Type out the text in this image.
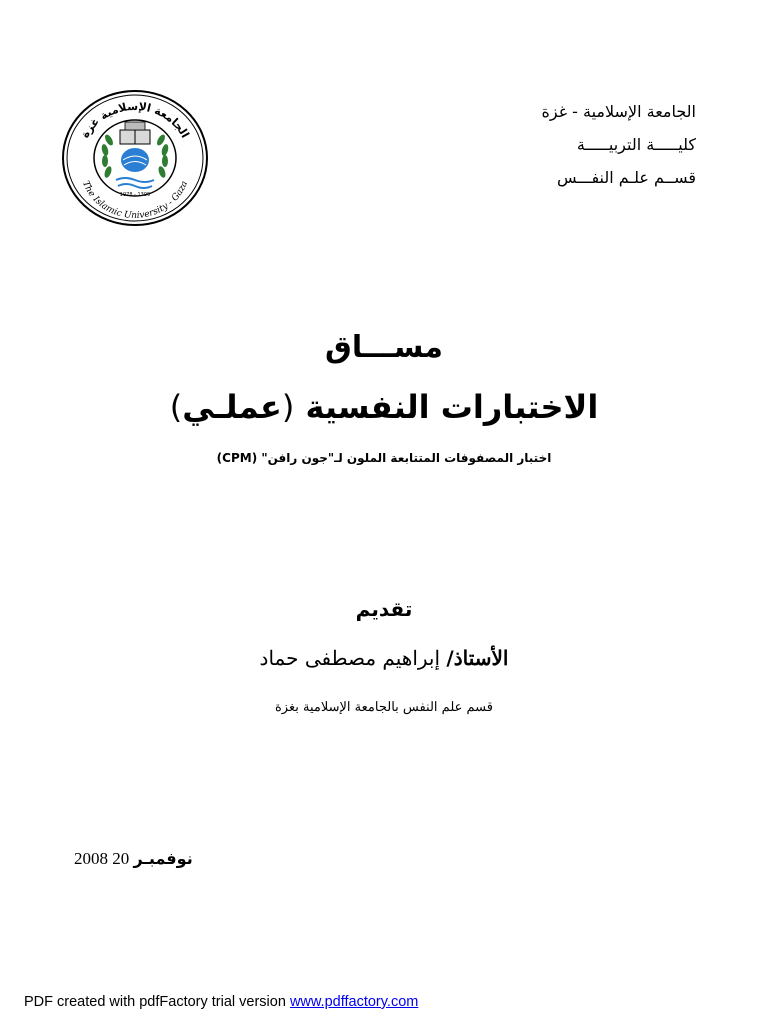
1978 - 1399
الجامعة الإسلامية غزة
The Islamic University - Gaza
الجامعة الإسلامية - غزة
كليـــــة التربيـــــة
قســم علـم النفـــس
مســـاق
الاختبارات النفسية (عملـي)
اختبار المصفوفات المتتابعة الملون لـ"جون رافن" (CPM)
تقديم
الأستاذ/ إبراهيم مصطفى حماد
قسم علم النفس بالجامعة الإسلامية بغزة
2008 نوفمبـر 20
PDF created with pdfFactory trial version www.pdffactory.com
